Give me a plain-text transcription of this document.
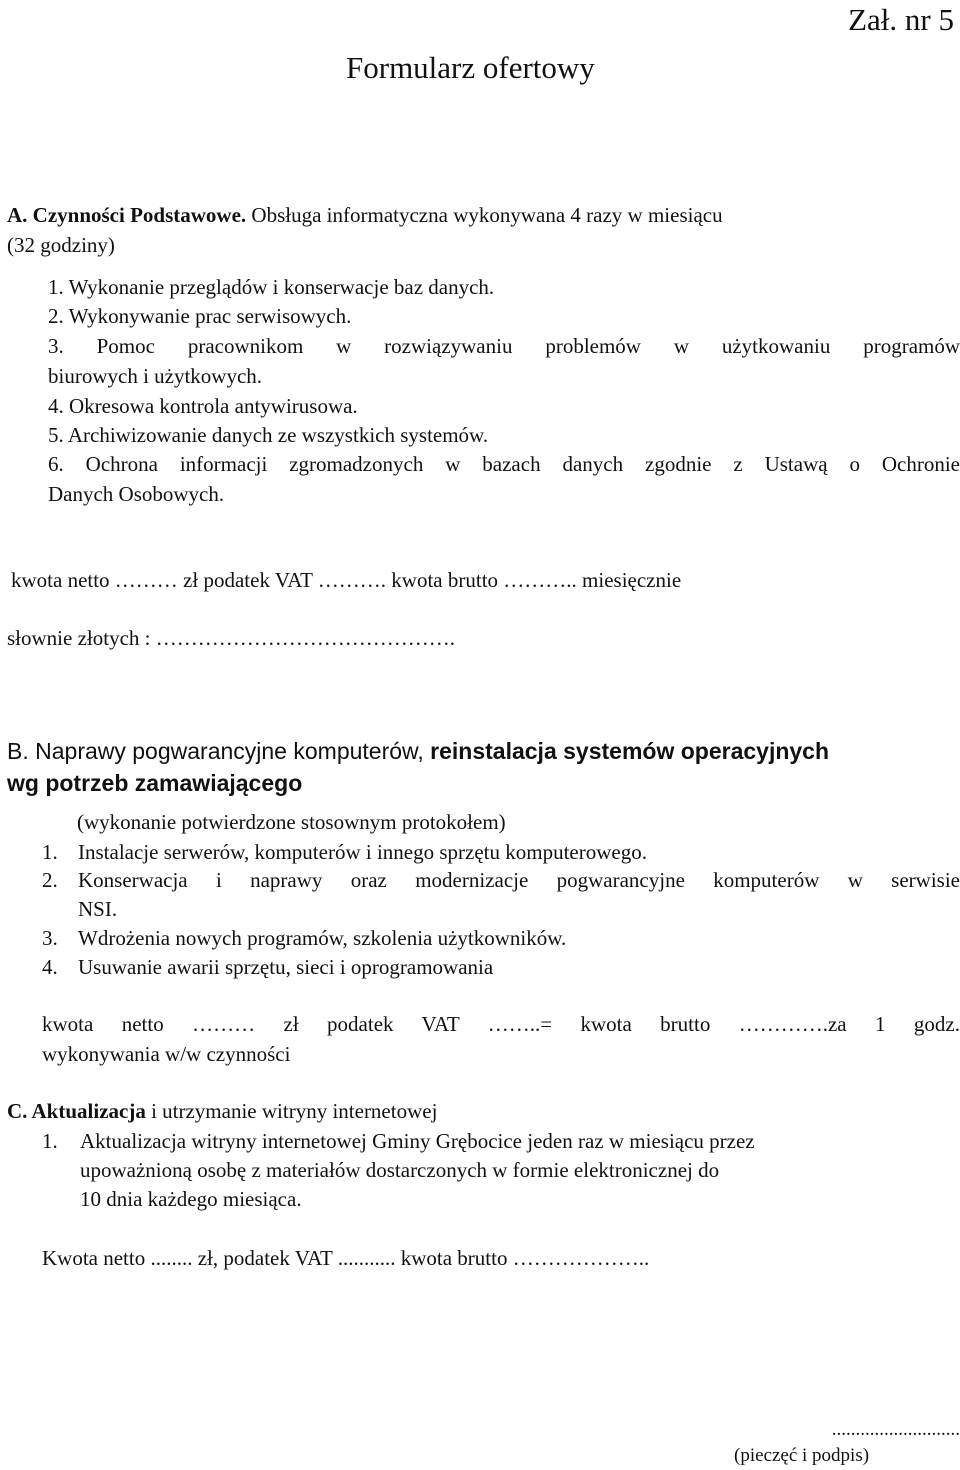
Zał. nr 5
Formularz ofertowy
A. Czynności Podstawowe. Obsługa informatyczna wykonywana 4 razy w miesiącu
(32 godziny)
1. Wykonanie przeglądów i konserwacje baz danych.
2. Wykonywanie prac serwisowych.
3. Pomoc pracownikom w rozwiązywaniu problemów w użytkowaniu programów
biurowych i użytkowych.
4. Okresowa kontrola antywirusowa.
5. Archiwizowanie danych ze wszystkich systemów.
6. Ochrona informacji zgromadzonych w bazach danych zgodnie z Ustawą o Ochronie
Danych Osobowych.
kwota netto ……… zł podatek VAT ………. kwota brutto ……….. miesięcznie
słownie złotych : …………………………………….
B. Naprawy pogwarancyjne komputerów, reinstalacja systemów operacyjnych
wg potrzeb zamawiającego
(wykonanie potwierdzone stosownym protokołem)
1. Instalacje serwerów, komputerów i innego sprzętu komputerowego.
2. Konserwacja i naprawy oraz modernizacje pogwarancyjne komputerów w serwisie
NSI.
3. Wdrożenia nowych programów, szkolenia użytkowników.
4. Usuwanie awarii sprzętu, sieci i oprogramowania
kwota netto ……… zł podatek VAT ……..= kwota brutto ………….za 1 godz.
wykonywania w/w czynności
C. Aktualizacja i utrzymanie witryny internetowej
1. Aktualizacja witryny internetowej Gminy Grębocice jeden raz w miesiącu przez
upoważnioną osobę z materiałów dostarczonych w formie elektronicznej do
10 dnia każdego miesiąca.
Kwota netto ........ zł, podatek VAT ........... kwota brutto ………………..
...........................
(pieczęć i podpis)
